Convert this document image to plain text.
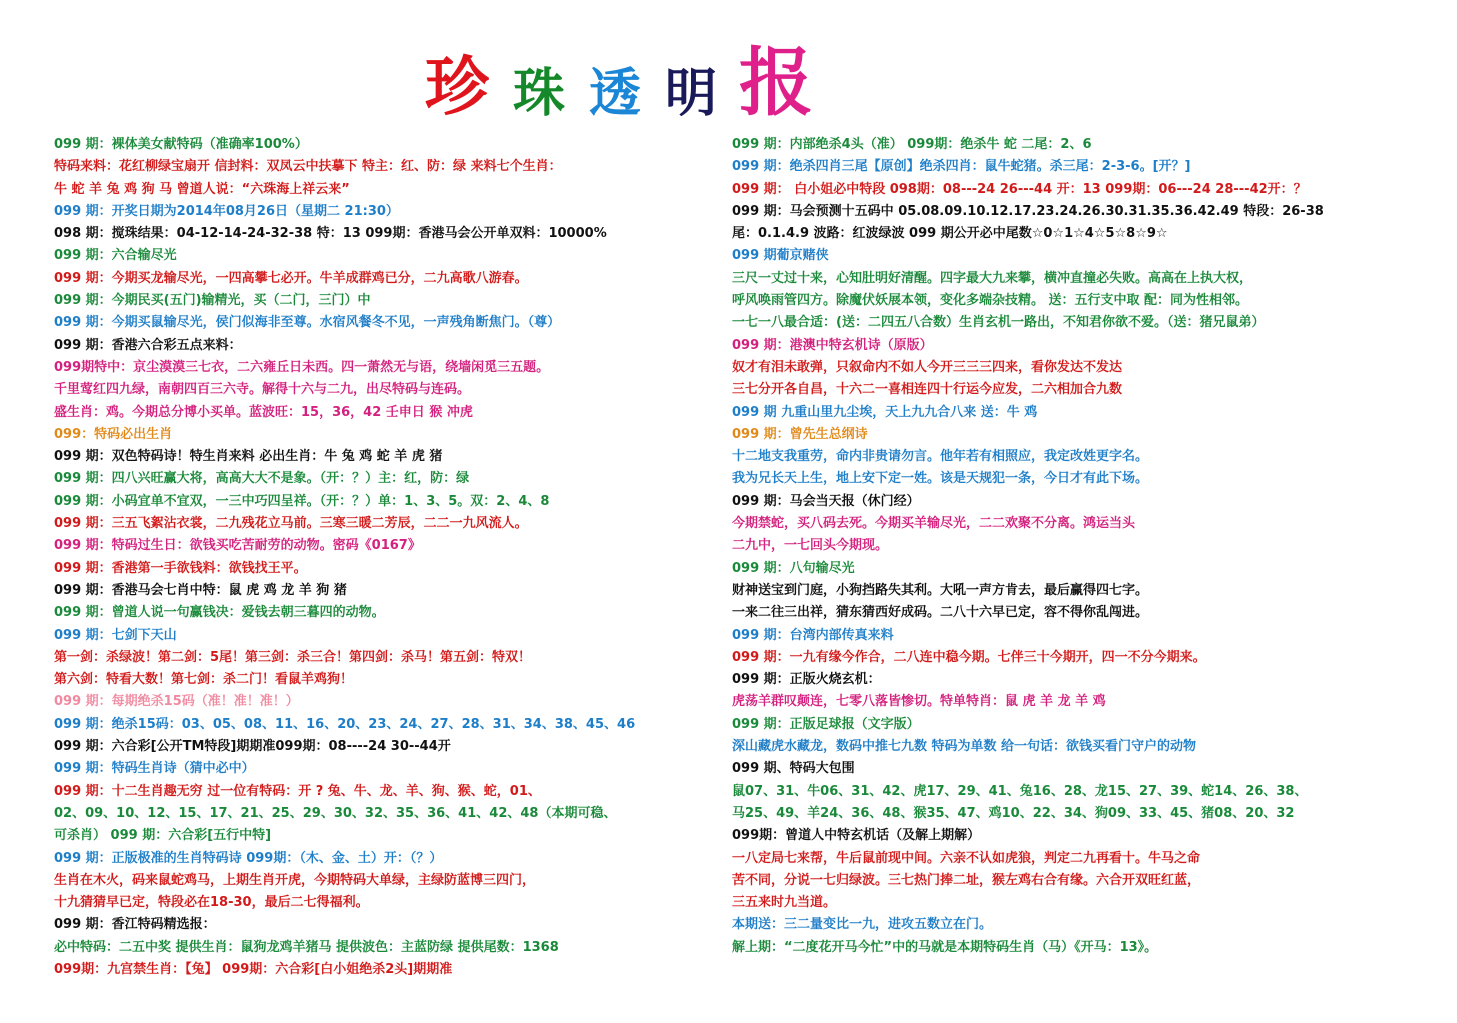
珍 珠 透 明 报
099 期：裸体美女献特码（准确率100%）
特码来料：花红柳绿宝扇开 信封料：双凤云中扶摹下 特主：红、防：绿 来料七个生肖：
牛 蛇 羊 兔 鸡 狗 马 曾道人说：“六珠海上祥云来”
099 期：开奖日期为2014年08月26日（星期二 21:30）
098 期：搅珠结果：04-12-14-24-32-38 特：13 099期：香港马会公开单双料：10000%
099 期：六合输尽光
099 期：今期买龙输尽光，一四高攀七必开。牛羊成群鸡已分，二九高歌八游春。
099 期：今期民买(五门)输精光，买（二门，三门）中
099 期：今期买鼠输尽光，侯门似海非至尊。水宿风餐冬不见，一声残角断焦门。（尊）
099 期：香港六合彩五点来料：
099期特中：京尘漠漠三七衣，二六雍丘日未西。四一萧然无与语，绕墙闲觅三五题。
千里莺红四九绿，南朝四百三六寺。解得十六与二九，出尽特码与连码。
盛生肖：鸡。今期总分博小买单。蓝波旺：15，36，42 壬申日 猴 冲虎
099：特码必出生肖
099 期：双色特码诗！特生肖来料 必出生肖：牛 兔 鸡 蛇 羊 虎 猪
099 期：四八兴旺赢大将，高高大大不是象。（开：？）主：红，防：绿
099 期：小码宜单不宜双，一三中巧四呈祥。（开：？）单：1、3、5。双：2、4、8
099 期：三五飞絮沾衣裳，二九残花立马前。三寒三暖二芳辰，二二一九风流人。
099 期：特码过生日：欲钱买吃苦耐劳的动物。密码《0167》
099 期：香港第一手欲钱料：欲钱找王平。
099 期：香港马会七肖中特：鼠 虎 鸡 龙 羊 狗 猪
099 期：曾道人说一句赢钱决：爱钱去朝三暮四的动物。
099 期：七剑下天山
第一剑：杀绿波！第二剑：5尾！第三剑：杀三合！第四剑：杀马！第五剑：特双！
第六剑：特看大数！第七剑：杀二门！看鼠羊鸡狗！
099 期：每期绝杀15码（准！准！准！）
099 期：绝杀15码：03、05、08、11、16、20、23、24、27、28、31、34、38、45、46
099 期：六合彩[公开TM特段]期期准099期：08----24 30--44开
099 期：特码生肖诗（猜中必中）
099 期：十二生肖趣无穷 过一位有特码：开 ? 兔、牛、龙、羊、狗、猴、蛇，01、
02、09、10、12、15、17、21、25、29、30、32、35、36、41、42、48（本期可稳、
可杀肖） 099 期：六合彩[五行中特]
099 期：正版极准的生肖特码诗 099期：（木、金、土）开：（？）
生肖在木火，码来鼠蛇鸡马，上期生肖开虎，今期特码大单绿，主绿防蓝博三四门，
十九猜猜早已定，特段必在18-30，最后二七得福利。
099 期：香江特码精选报：
必中特码：二五中奖 提供生肖：鼠狗龙鸡羊猪马 提供波色：主蓝防绿 提供尾数：1368
099期：九宫禁生肖：【兔】 099期：六合彩[白小姐绝杀2头]期期准
099 期：内部绝杀4头（准） 099期：绝杀牛 蛇 二尾：2、6
099 期：绝杀四肖三尾【原创】绝杀四肖：鼠牛蛇猪。杀三尾：2-3-6。[开？]
099 期： 白小姐必中特段 098期：08---24 26---44 开：13 099期：06---24 28---42开：？
099 期：马会预测十五码中 05.08.09.10.12.17.23.24.26.30.31.35.36.42.49 特段：26-38
尾：0.1.4.9 波路：红波绿波 099 期公开必中尾数☆0☆1☆4☆5☆8☆9☆
099 期葡京赌侠
三尺一丈过十来，心知肚明好清醒。四字最大九来攀，横冲直撞必失败。高高在上执大权，
呼风唤雨管四方。除魔伏妖展本领，变化多端杂技精。 送：五行支中取 配：同为性相邻。
一七一八最合适：(送：二四五八合数）生肖玄机一路出，不知君你欲不爱。（送：猪兄鼠弟）
099 期：港澳中特玄机诗（原版）
奴才有泪未敢弹，只叙命内不如人今开三三三四来，看你发达不发达
三七分开各自昌，十六二一喜相连四十行运今应发，二六相加合九数
099 期 九重山里九尘埃，天上九九合八来 送：牛 鸡
099 期：曾先生总纲诗
十二地支我重劳，命内非贵请勿言。他年若有相照应，我定改姓更字名。
我为兄长天上生，地上安下定一姓。该是天规犯一条，今日才有此下场。
099 期：马会当天报（休门经）
今期禁蛇，买八码去死。今期买羊输尽光，二二欢聚不分离。鸿运当头
二九中，一七回头今期现。
099 期：八句输尽光
财神送宝到门庭，小狗挡路失其利。大吼一声方肯去，最后赢得四七字。
一来二往三出祥，猜东猜西好成码。二八十六早已定，容不得你乱闯进。
099 期：台湾内部传真来料
099 期：一九有缘今作合，二八连中稳今期。七伴三十今期开，四一不分今期来。
099 期：正版火烧玄机：
虎荡羊群叹颠连，七零八落皆惨切。特单特肖：鼠 虎 羊 龙 羊 鸡
099 期：正版足球报（文字版）
深山藏虎水藏龙，数码中推七九数 特码为单数 给一句话：欲钱买看门守户的动物
099 期、特码大包围
鼠07、31、牛06、31、42、虎17、29、41、兔16、28、龙15、27、39、蛇14、26、38、
马25、49、羊24、36、48、猴35、47、鸡10、22、34、狗09、33、45、猪08、20、32
099期：曾道人中特玄机话（及解上期解）
一八定局七来帮，牛后鼠前现中间。六亲不认如虎狼，判定二九再看十。牛马之命
苦不同，分说一七归绿波。三七热门捧二址，猴左鸡右合有缘。六合开双旺红蓝，
三五来时九当道。
本期送：三二量变比一九，进攻五数立在门。
解上期：“二度花开马今忙”中的马就是本期特码生肖（马）《开马：13》。
